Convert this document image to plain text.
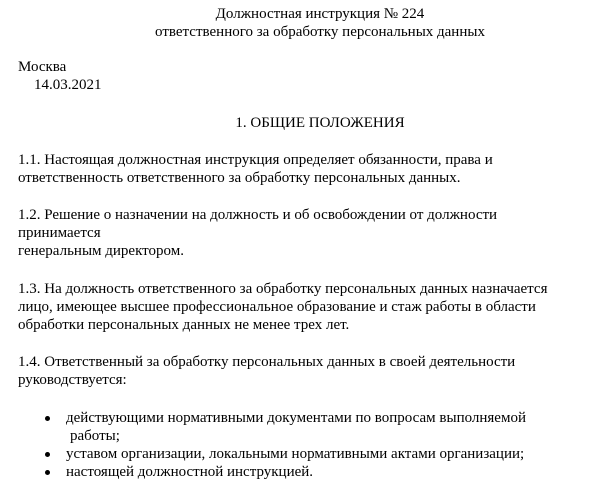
Должностная инструкция № 224
ответственного за обработку персональных данных
Москва
14.03.2021
1. ОБЩИЕ ПОЛОЖЕНИЯ
1.1. Настоящая должностная инструкция определяет обязанности, права и
ответственность ответственного за обработку персональных данных.
1.2. Решение о назначении на должность и об освобождении от должности
принимается
генеральным директором.
1.3. На должность ответственного за обработку персональных данных назначается
лицо, имеющее высшее профессиональное образование и стаж работы в области
обработки персональных данных не менее трех лет.
1.4. Ответственный за обработку персональных данных в своей деятельности
руководствуется:
действующими нормативными документами по вопросам выполняемой
работы;
уставом организации, локальными нормативными актами организации;
настоящей должностной инструкцией.
